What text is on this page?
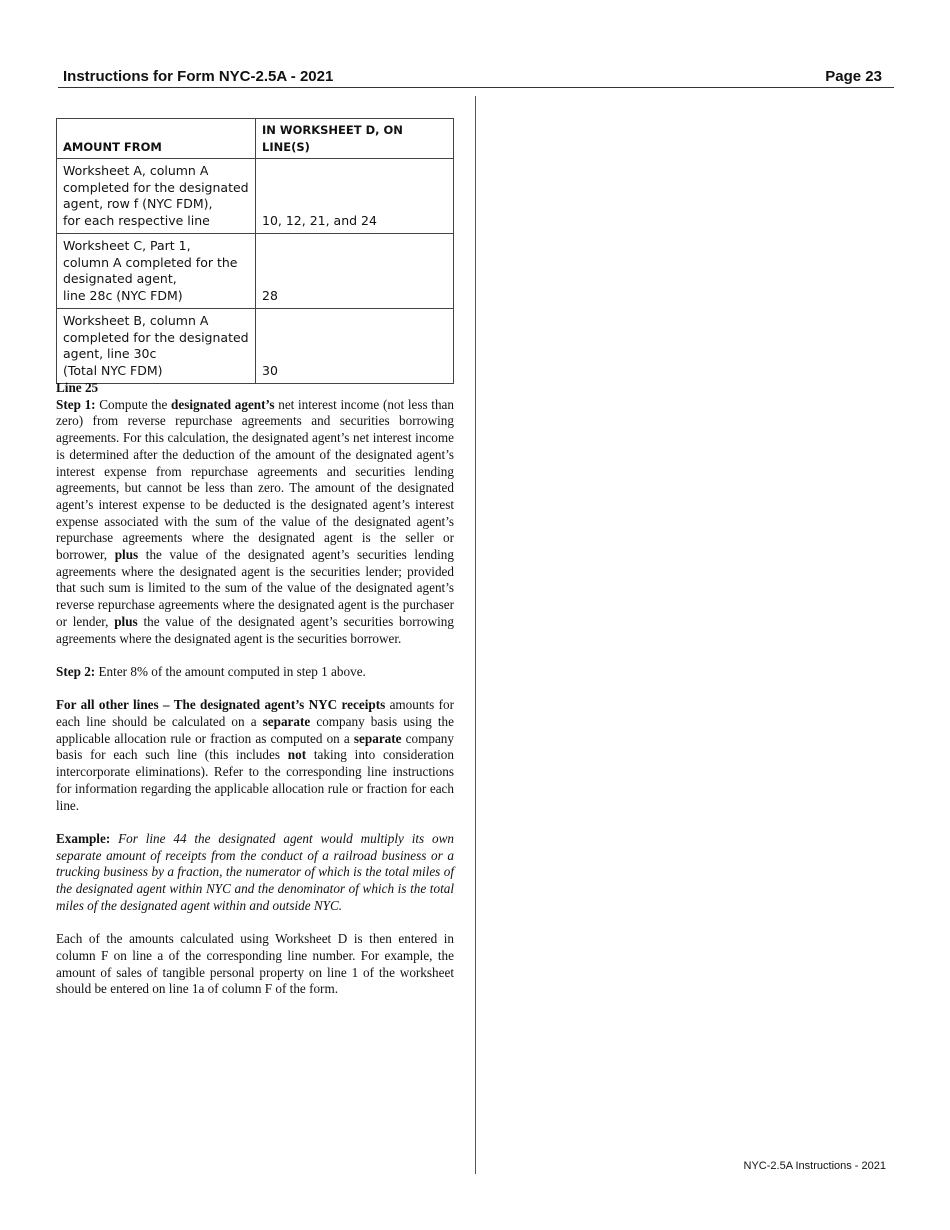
Instructions for Form NYC-2.5A - 2021	Page 23
AMOUNT FROM	IN WORKSHEET D, ON LINE(S)

Worksheet A, column A
completed for the designated
agent, row f (NYC FDM),
for each respective line	10, 12, 21, and 24

Worksheet C, Part 1,
column A completed for the
designated agent,
line 28c (NYC FDM)	28

Worksheet B, column A
completed for the designated
agent, line 30c
(Total NYC FDM)	30

Line 25

Step 1: Compute the designated agent’s net interest income (not less than zero) from reverse repurchase agreements and securities borrowing agreements. For this calculation, the designated agent’s net interest income is determined after the deduction of the amount of the designated agent’s interest expense from repurchase agreements and securities lending agreements, but cannot be less than zero. The amount of the designated agent’s interest expense to be deducted is the designated agent’s interest expense associated with the sum of the value of the designated agent’s repurchase agreements where the designated agent is the seller or borrower, plus the value of the designated agent’s securities lending agreements where the designated agent is the securities lender; provided that such sum is limited to the sum of the value of the designated agent’s reverse repurchase agreements where the designated agent is the purchaser or lender, plus the value of the designated agent’s securities borrowing agreements where the designated agent is the securities borrower.

Step 2: Enter 8% of the amount computed in step 1 above.

For all other lines – The designated agent’s NYC receipts amounts for each line should be calculated on a separate company basis using the applicable allocation rule or fraction as computed on a separate company basis for each such line (this includes not taking into consideration intercorporate eliminations). Refer to the corresponding line instructions for information regarding the applicable allocation rule or fraction for each line.

Example: For line 44 the designated agent would multiply its own separate amount of receipts from the conduct of a railroad business or a trucking business by a fraction, the numerator of which is the total miles of the designated agent within NYC and the denominator of which is the total miles of the designated agent within and outside NYC.

Each of the amounts calculated using Worksheet D is then entered in column F on line a of the corresponding line number. For example, the amount of sales of tangible personal property on line 1 of the worksheet should be entered on line 1a of column F of the form.

NYC-2.5A Instructions - 2021
